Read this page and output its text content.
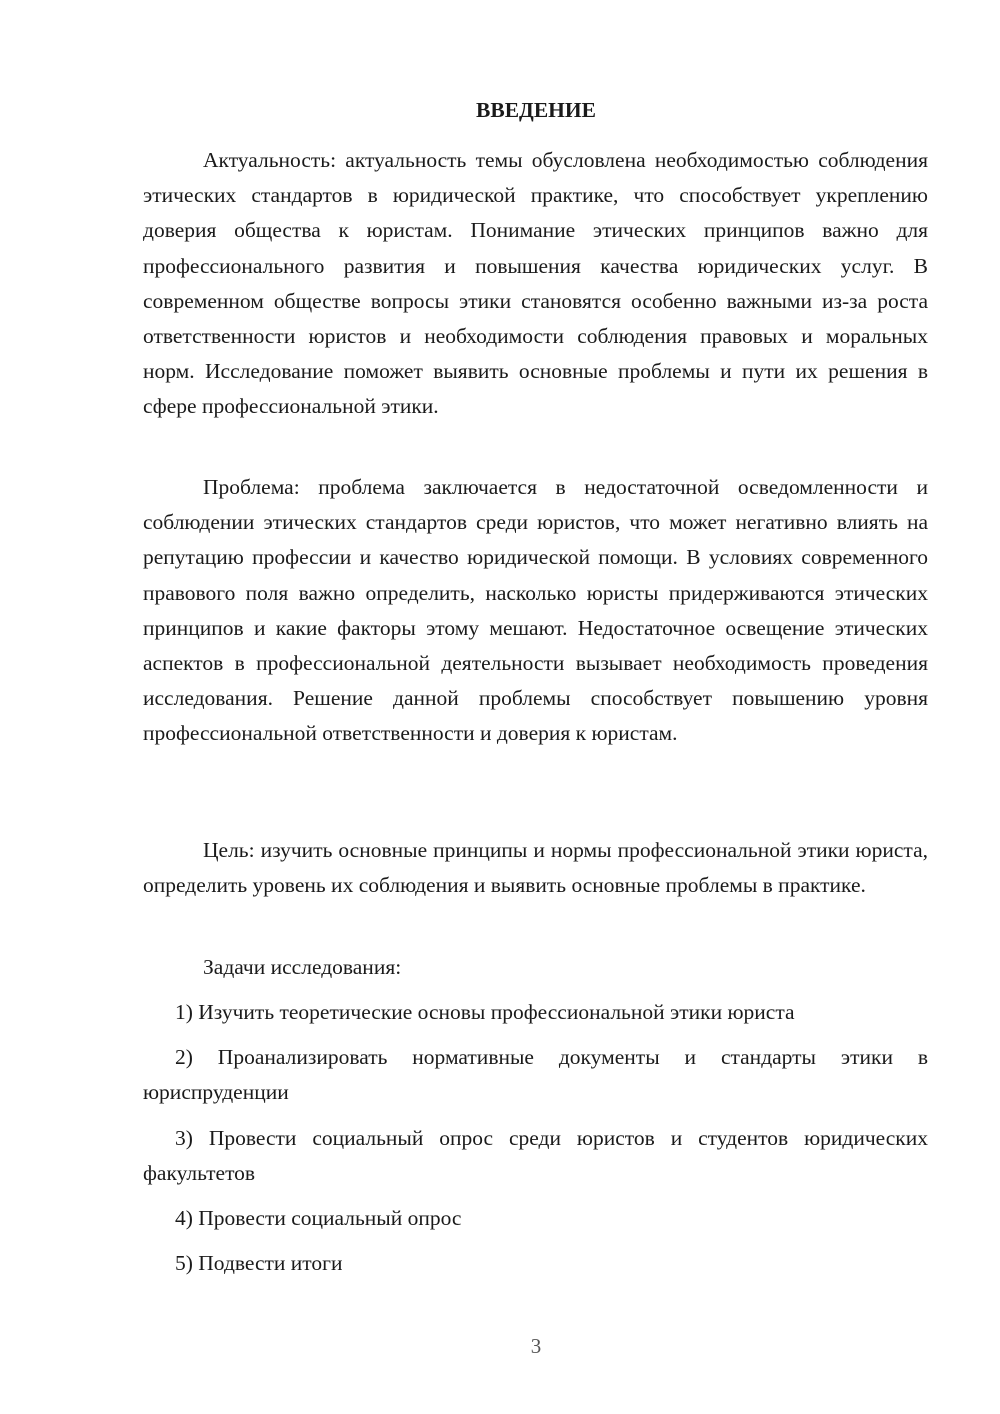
ВВЕДЕНИЕ

Актуальность: актуальность темы обусловлена необходимостью соблюдения этических стандартов в юридической практике, что способствует укреплению доверия общества к юристам. Понимание этических принципов важно для профессионального развития и повышения качества юридических услуг. В современном обществе вопросы этики становятся особенно важными из-за роста ответственности юристов и необходимости соблюдения правовых и моральных норм. Исследование поможет выявить основные проблемы и пути их решения в сфере профессиональной этики.

Проблема: проблема заключается в недостаточной осведомленности и соблюдении этических стандартов среди юристов, что может негативно влиять на репутацию профессии и качество юридической помощи. В условиях современного правового поля важно определить, насколько юристы придерживаются этических принципов и какие факторы этому мешают. Недостаточное освещение этических аспектов в профессиональной деятельности вызывает необходимость проведения исследования. Решение данной проблемы способствует повышению уровня профессиональной ответственности и доверия к юристам.

Цель: изучить основные принципы и нормы профессиональной этики юриста, определить уровень их соблюдения и выявить основные проблемы в практике.

Задачи исследования:

1) Изучить теоретические основы профессиональной этики юриста

2) Проанализировать нормативные документы и стандарты этики в юриспруденции

3) Провести социальный опрос среди юристов и студентов юридических факультетов

4) Провести социальный опрос

5) Подвести итоги

3
